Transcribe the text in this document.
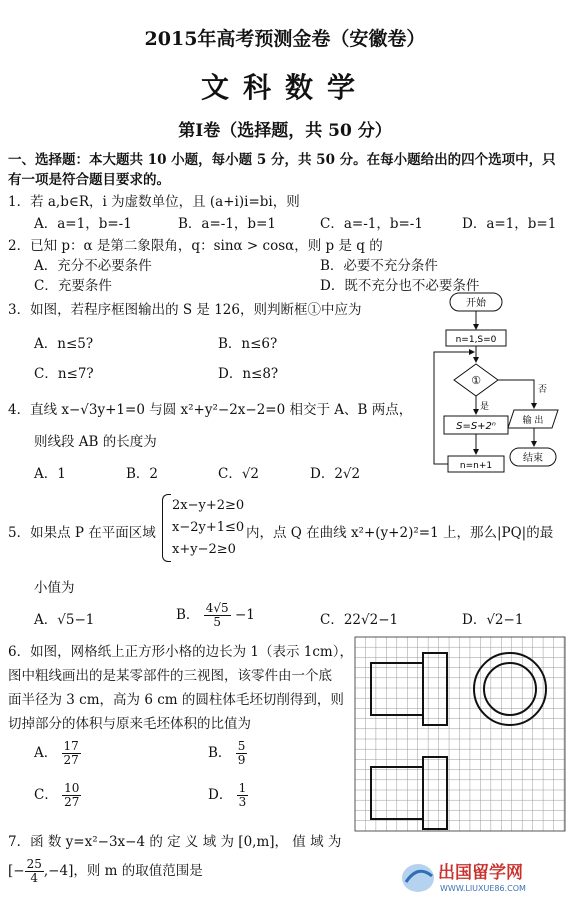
2015年高考预测金卷（安徽卷）
文科数学
第Ⅰ卷（选择题，共 50 分）
一、选择题：本大题共 10 小题，每小题 5 分，共 50 分。在每小题给出的四个选项中，只
有一项是符合题目要求的。
1．若 a,b∈R，i 为虚数单位，且 (a+i)i=bi，则
A．a=1，b=-1	B．a=-1，b=1	C．a=-1，b=-1	D．a=1，b=1
2．已知 p：α 是第二象限角，q：sinα > cosα，则 p 是 q 的
A．充分不必要条件	B．必要不充分条件
C．充要条件	D．既不充分也不必要条件
3．如图，若程序框图输出的 S 是 126，则判断框①中应为
A．n≤5?	B．n≤6?
C．n≤7?	D．n≤8?
开始
n=1,S=0
①
是
否
S=S+2ⁿ	输 出
结束
n=n+1
4．直线 x−√3y+1=0 与圆 x²+y²−2x−2=0 相交于 A、B 两点，
则线段 AB 的长度为
A．1	B．2	C．√2	D．2√2
5．如果点 P 在平面区域
2x−y+2≥0
x−2y+1≤0
x+y−2≥0
内，点 Q 在曲线 x²+(y+2)²=1 上，那么|PQ|的最
小值为
A．√5−1	B． $\frac{4√5}{5} -1$	C．22√2−1	D．√2−1
6．如图，网格纸上正方形小格的边长为 1（表示 1cm），
图中粗线画出的是某零部件的三视图，该零件由一个底
面半径为 3 cm，高为 6 cm 的圆柱体毛坯切削得到，则
切掉部分的体积与原来毛坯体积的比值为
A． $\frac{17}{27}$	B． $\frac{5}{9}$
C． $\frac{10}{27}$	D． $\frac{1}{3}$
7．函 数 y=x²−3x−4 的 定 义 域 为 [0,m]， 值 域 为
[− $\frac{25}{4} ,-4$]，则 m 的取值范围是	出国留学网
WWW.LIUXUE86.COM
